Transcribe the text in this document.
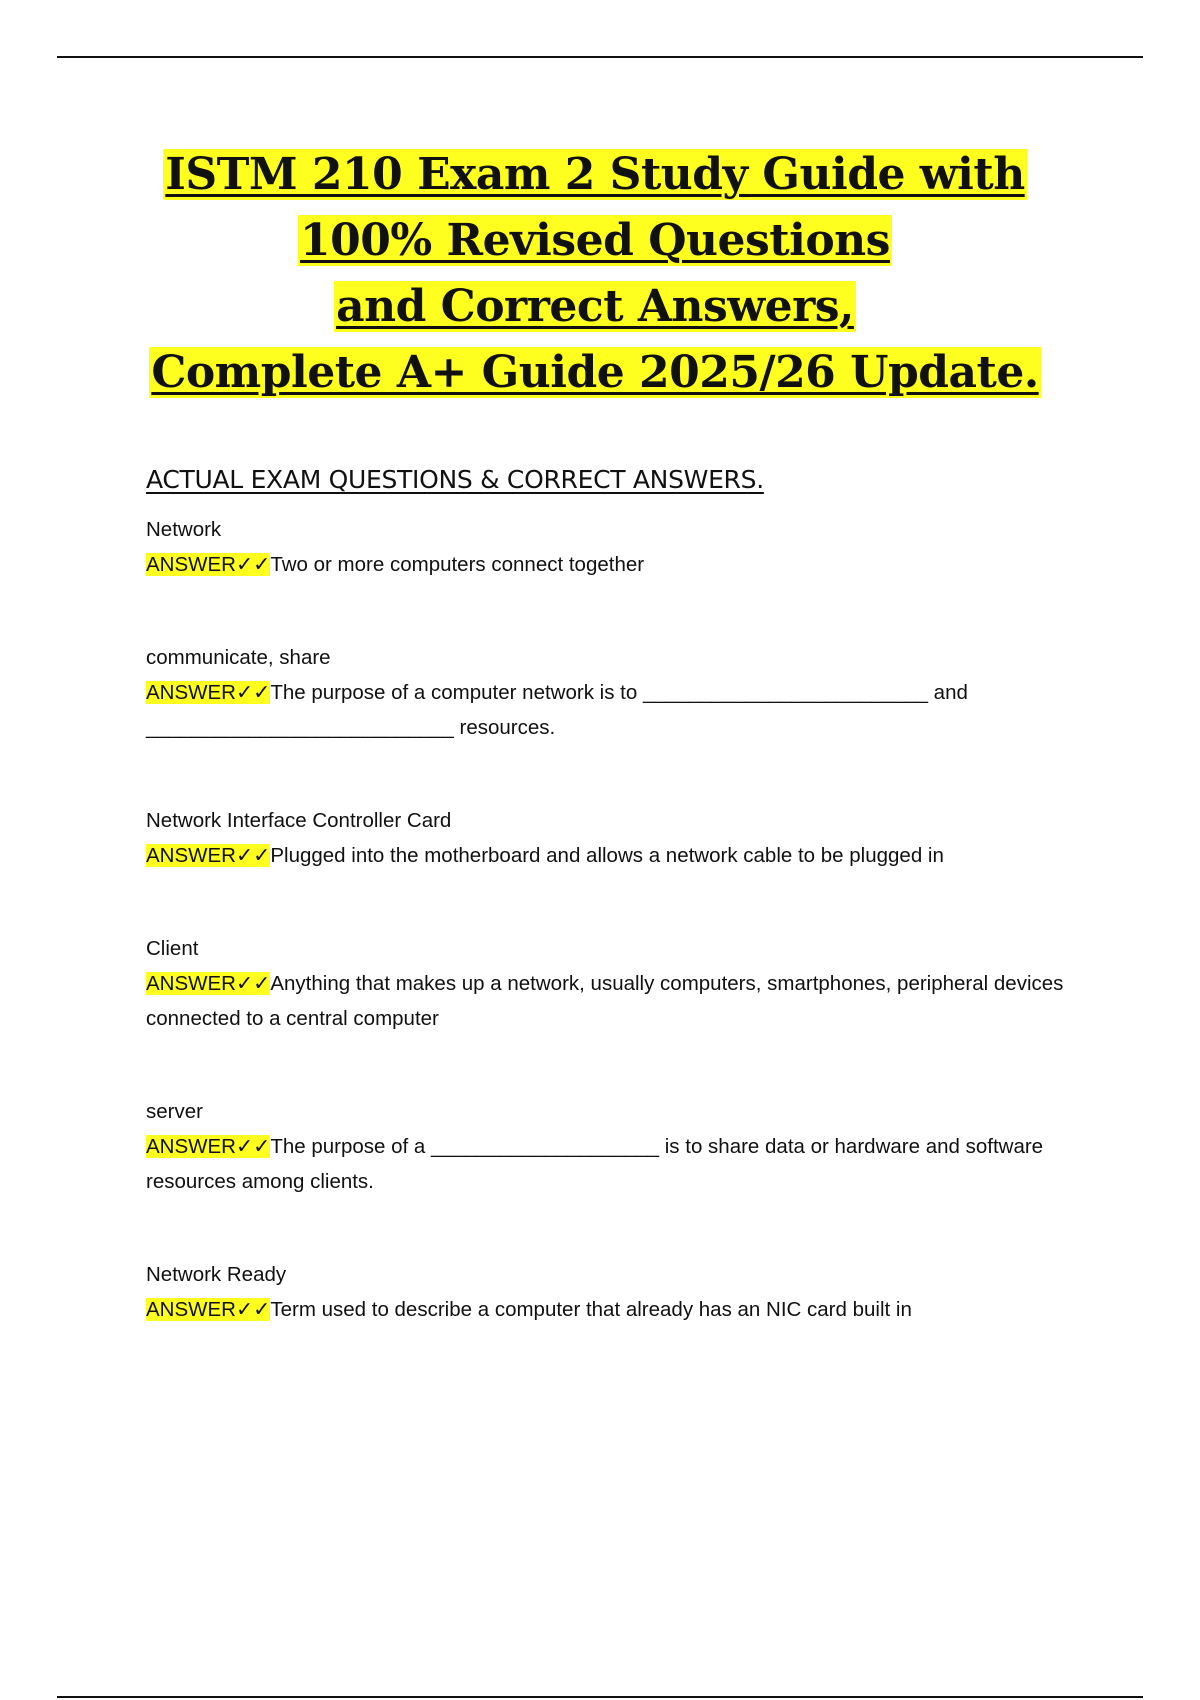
ISTM 210 Exam 2 Study Guide with
100% Revised Questions
and Correct Answers,
Complete A+ Guide 2025/26 Update.
ACTUAL EXAM QUESTIONS & CORRECT ANSWERS.

Network

ANSWER✓✓Two or more computers connect together

communicate, share

ANSWER✓✓The purpose of a computer network is to _________________________ and ___________________________ resources.

Network Interface Controller Card

ANSWER✓✓Plugged into the motherboard and allows a network cable to be plugged in

Client

ANSWER✓✓Anything that makes up a network, usually computers, smartphones, peripheral devices connected to a central computer

server

ANSWER✓✓The purpose of a ____________________ is to share data or hardware and software resources among clients.

Network Ready

ANSWER✓✓Term used to describe a computer that already has an NIC card built in
